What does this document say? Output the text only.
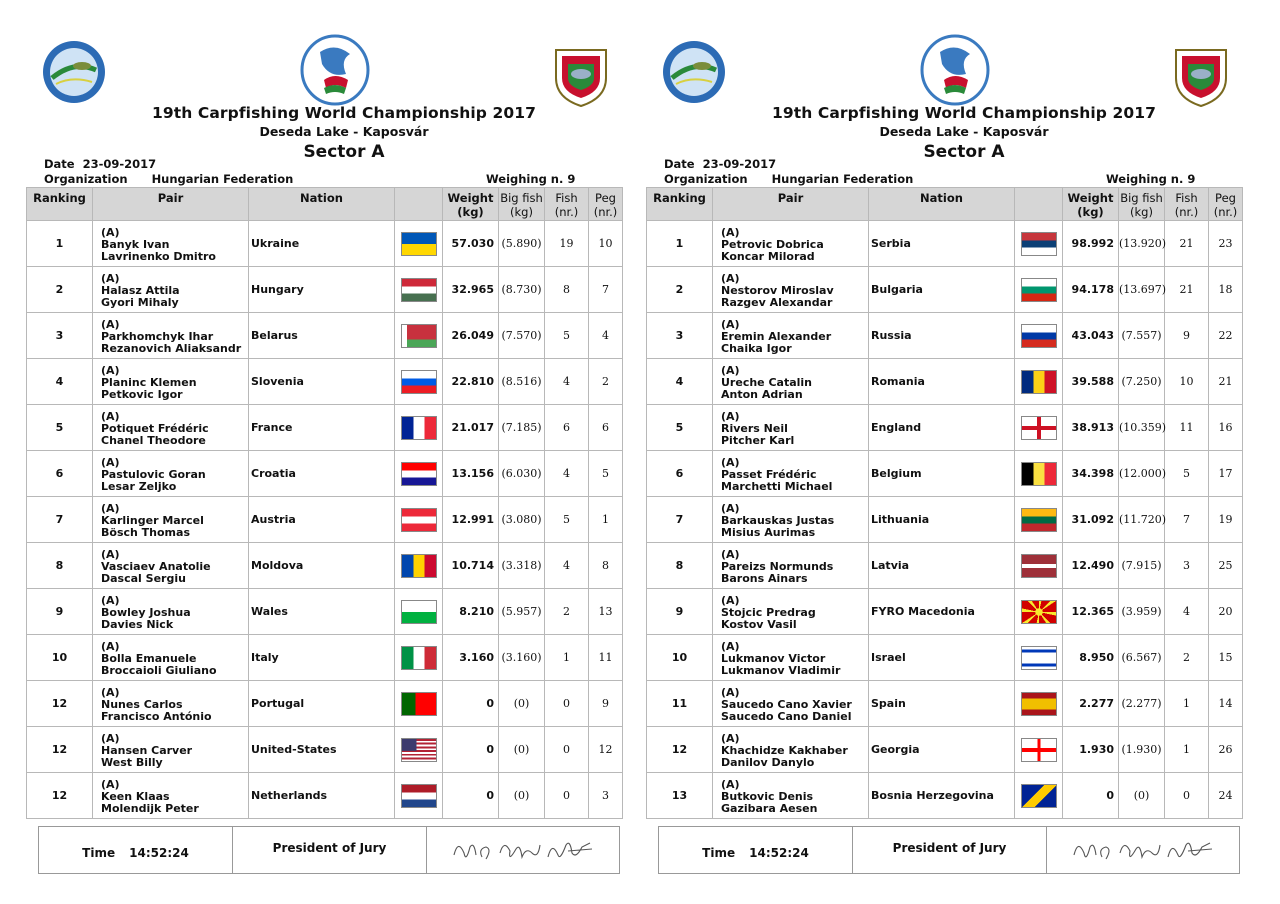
19th Carpfishing World Championship 2017
Deseda Lake - Kaposvár
Sector A
Date 23-09-2017
Organization Hungarian Federation	Weighing n. 9
Ranking	Pair	Nation		Weight
(kg)	Big fish
(kg)	Fish
(nr.)	Peg
(nr.)
1	(A)
Banyk Ivan
Lavrinenko Dmitro	Ukraine		57.030	(5.890)	19	10
2	(A)
Halasz Attila
Gyori Mihaly	Hungary		32.965	(8.730)	8	7
3	(A)
Parkhomchyk Ihar
Rezanovich Aliaksandr	Belarus		26.049	(7.570)	5	4
4	(A)
Planinc Klemen
Petkovic Igor	Slovenia		22.810	(8.516)	4	2
5	(A)
Potiquet Frédéric
Chanel Theodore	France		21.017	(7.185)	6	6
6	(A)
Pastulovic Goran
Lesar Zeljko	Croatia		13.156	(6.030)	4	5
7	(A)
Karlinger Marcel
Bösch Thomas	Austria		12.991	(3.080)	5	1
8	(A)
Vasciaev Anatolie
Dascal Sergiu	Moldova		10.714	(3.318)	4	8
9	(A)
Bowley Joshua
Davies Nick	Wales		8.210	(5.957)	2	13
10	(A)
Bolla Emanuele
Broccaioli Giuliano	Italy		3.160	(3.160)	1	11
12	(A)
Nunes Carlos
Francisco António	Portugal		0	(0)	0	9
12	(A)
Hansen Carver
West Billy	United-States		0	(0)	0	12
12	(A)
Keen Klaas
Molendijk Peter	Netherlands		0	(0)	0	3
Time 14:52:24	President of Jury
19th Carpfishing World Championship 2017
Deseda Lake - Kaposvár
Sector A
Date 23-09-2017
Organization Hungarian Federation	Weighing n. 9
Ranking	Pair	Nation		Weight
(kg)	Big fish
(kg)	Fish
(nr.)	Peg
(nr.)
1	(A)
Petrovic Dobrica
Koncar Milorad	Serbia		98.992	(13.920)	21	23
2	(A)
Nestorov Miroslav
Razgev Alexandar	Bulgaria		94.178	(13.697)	21	18
3	(A)
Eremin Alexander
Chaika Igor	Russia		43.043	(7.557)	9	22
4	(A)
Ureche Catalin
Anton Adrian	Romania		39.588	(7.250)	10	21
5	(A)
Rivers Neil
Pitcher Karl	England		38.913	(10.359)	11	16
6	(A)
Passet Frédéric
Marchetti Michael	Belgium		34.398	(12.000)	5	17
7	(A)
Barkauskas Justas
Misius Aurimas	Lithuania		31.092	(11.720)	7	19
8	(A)
Pareizs Normunds
Barons Ainars	Latvia		12.490	(7.915)	3	25
9	(A)
Stojcic Predrag
Kostov Vasil	FYRO Macedonia		12.365	(3.959)	4	20
10	(A)
Lukmanov Victor
Lukmanov Vladimir	Israel		8.950	(6.567)	2	15
11	(A)
Saucedo Cano Xavier
Saucedo Cano Daniel	Spain		2.277	(2.277)	1	14
12	(A)
Khachidze Kakhaber
Danilov Danylo	Georgia		1.930	(1.930)	1	26
13	(A)
Butkovic Denis
Gazibara Aesen	Bosnia Herzegovina		0	(0)	0	24
Time 14:52:24	President of Jury
